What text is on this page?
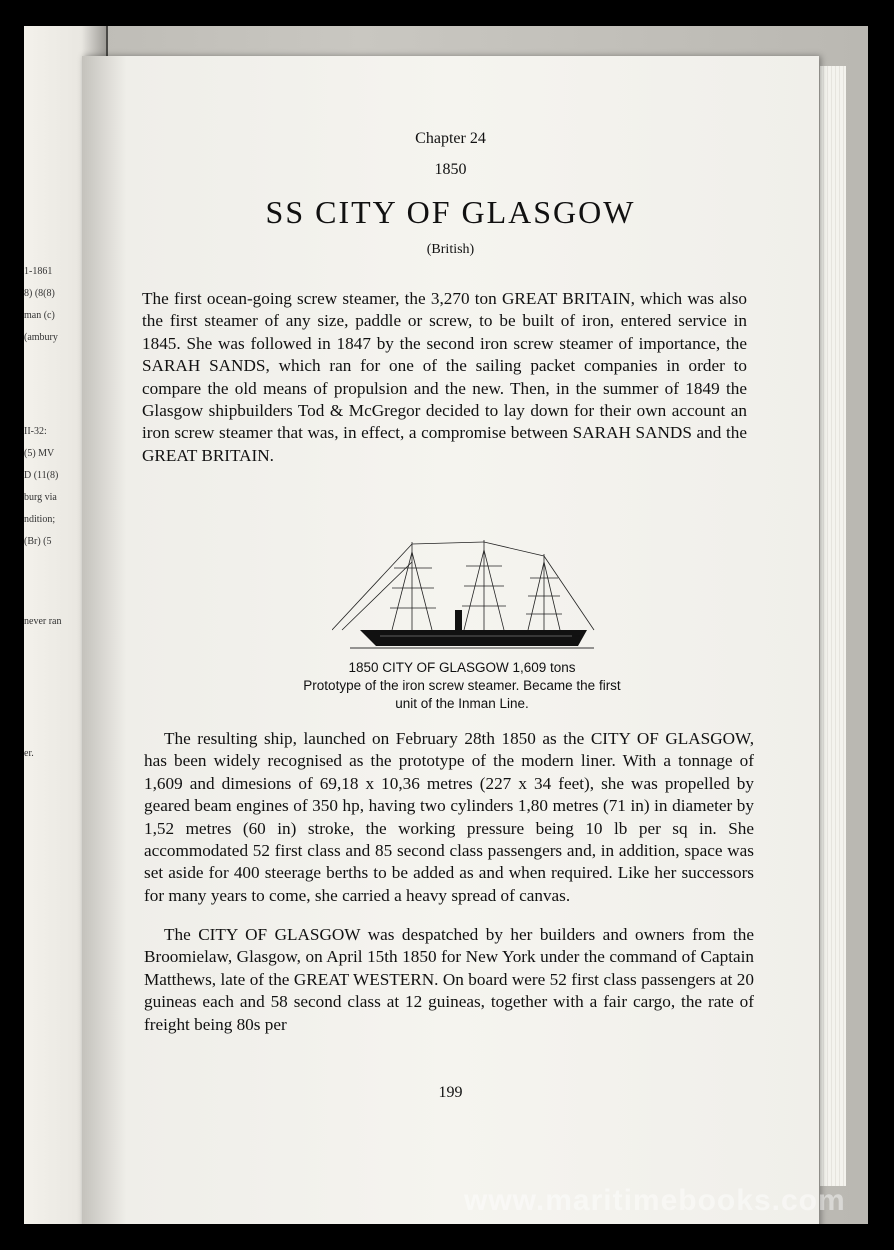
1-1861
8) (8(8)
man (c)
(ambury
II-32:
(5) MV
D (11(8)
burg via
ndition;
(Br) (5
never ran
er.
Chapter 24
1850
SS CITY OF GLASGOW
(British)
The first ocean-going screw steamer, the 3,270 ton GREAT BRITAIN, which was also the first steamer of any size, paddle or screw, to be built of iron, entered service in 1845. She was followed in 1847 by the second iron screw steamer of importance, the SARAH SANDS, which ran for one of the sailing packet companies in order to compare the old means of propulsion and the new. Then, in the summer of 1849 the Glasgow shipbuilders Tod & McGregor decided to lay down for their own account an iron screw steamer that was, in effect, a compromise between SARAH SANDS and the GREAT BRITAIN.
1850 CITY OF GLASGOW 1,609 tons
Prototype of the iron screw steamer. Became the first
unit of the Inman Line.
The resulting ship, launched on February 28th 1850 as the CITY OF GLASGOW, has been widely recognised as the prototype of the modern liner. With a tonnage of 1,609 and dimesions of 69,18 x 10,36 metres (227 x 34 feet), she was propelled by geared beam engines of 350 hp, having two cylinders 1,80 metres (71 in) in diameter by 1,52 metres (60 in) stroke, the working pressure being 10 lb per sq in. She accommodated 52 first class and 85 second class passengers and, in addition, space was set aside for 400 steerage berths to be added as and when required. Like her successors for many years to come, she carried a heavy spread of canvas.
The CITY OF GLASGOW was despatched by her builders and owners from the Broomielaw, Glasgow, on April 15th 1850 for New York under the command of Captain Matthews, late of the GREAT WESTERN. On board were 52 first class passengers at 20 guineas each and 58 second class at 12 guineas, together with a fair cargo, the rate of freight being 80s per
199
www.maritimebooks.com
